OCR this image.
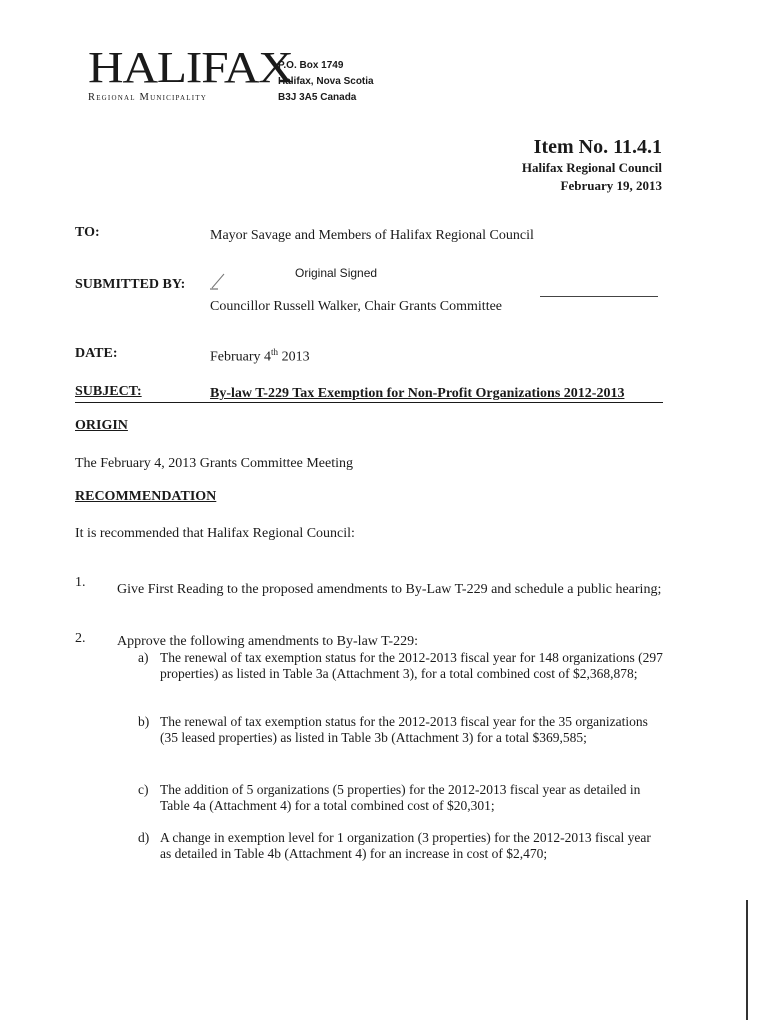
HALIFAX
Regional Municipality
P.O. Box 1749
Halifax, Nova Scotia
B3J 3A5 Canada
Item No. 11.4.1
Halifax Regional Council
February 19, 2013
TO:	Mayor Savage and Members of Halifax Regional Council
Original Signed
SUBMITTED BY:
Councillor Russell Walker, Chair Grants Committee
DATE:	February 4th 2013
SUBJECT:	By-law T-229 Tax Exemption for Non-Profit Organizations 2012-2013
ORIGIN
The February 4, 2013 Grants Committee Meeting
RECOMMENDATION
It is recommended that Halifax Regional Council:
1. Give First Reading to the proposed amendments to By-Law T-229 and schedule a public hearing;
2. Approve the following amendments to By-law T-229:
a) The renewal of tax exemption status for the 2012-2013 fiscal year for 148 organizations (297 properties) as listed in Table 3a (Attachment 3), for a total combined cost of $2,368,878;
b) The renewal of tax exemption status for the 2012-2013 fiscal year for the 35 organizations (35 leased properties) as listed in Table 3b (Attachment 3) for a total $369,585;
c) The addition of 5 organizations (5 properties) for the 2012-2013 fiscal year as detailed in Table 4a (Attachment 4) for a total combined cost of $20,301;
d) A change in exemption level for 1 organization (3 properties) for the 2012-2013 fiscal year as detailed in Table 4b (Attachment 4) for an increase in cost of $2,470;
